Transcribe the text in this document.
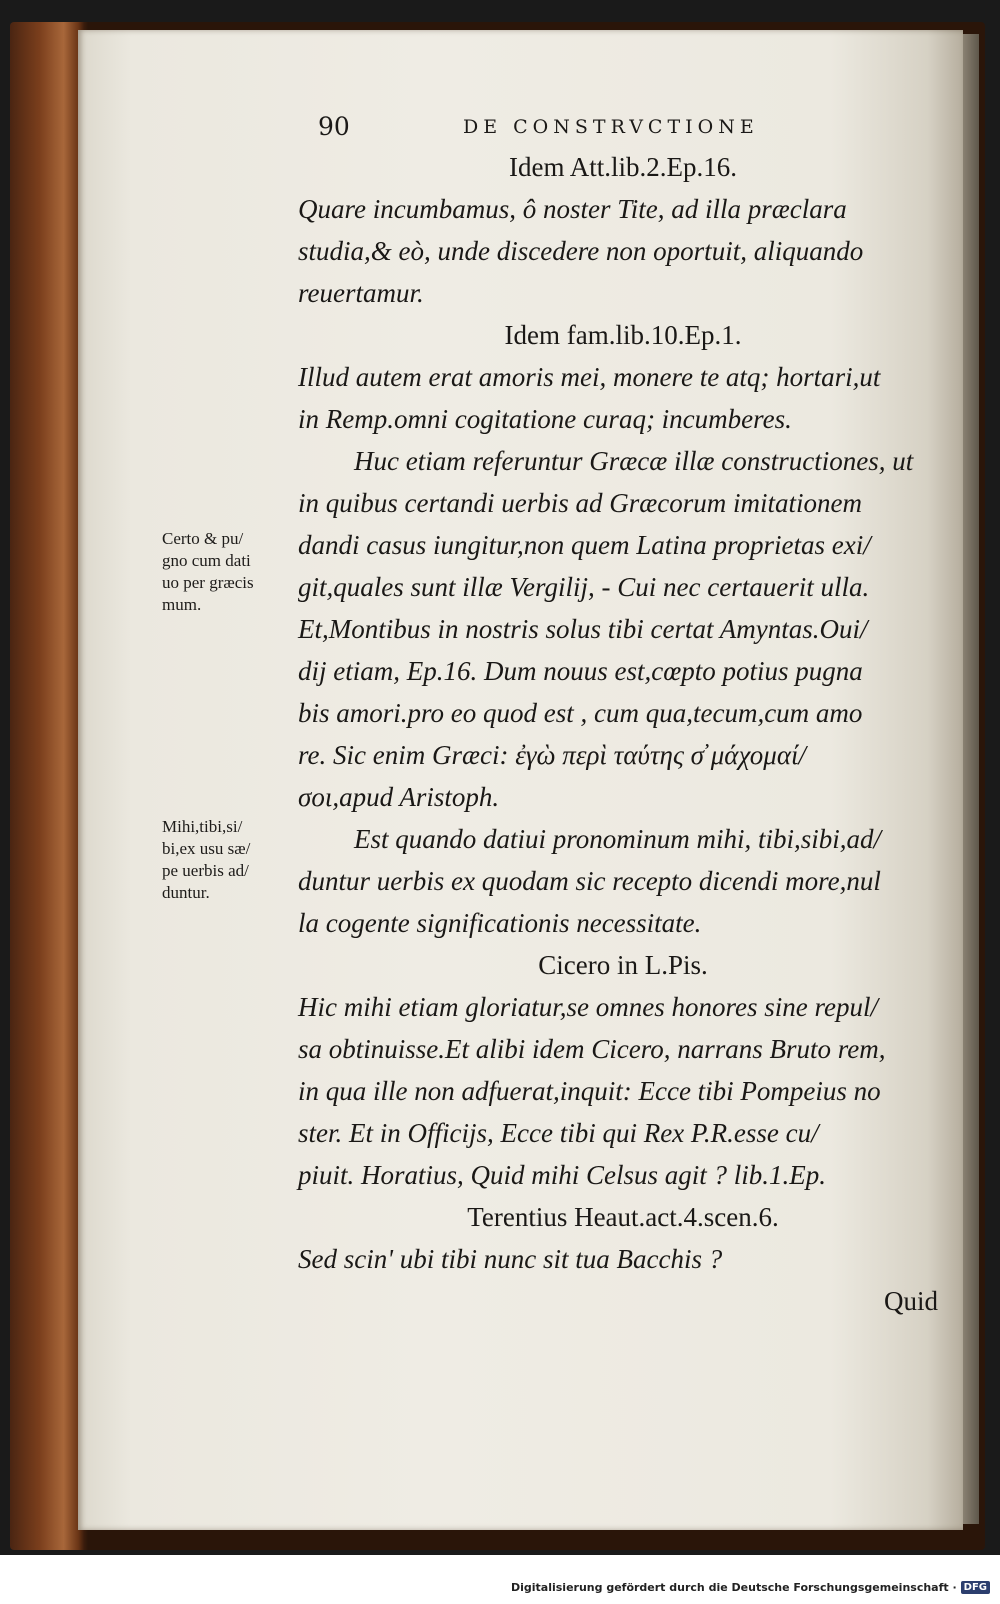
90	DE CONSTRVCTIONE
Idem Att.lib.2.Ep.16.
Quare incumbamus, ô noster Tite, ad illa præclara
studia,& eò, unde discedere non oportuit, aliquando
reuertamur.
Idem fam.lib.10.Ep.1.
Illud autem erat amoris mei, monere te atq; hortari,ut
in Remp.omni cogitatione curaq; incumberes.
Huc etiam referuntur Græcæ illæ constructiones, ut
in quibus certandi uerbis ad Græcorum imitationem
dandi casus iungitur,non quem Latina proprietas exi/
git,quales sunt illæ Vergilij, - Cui nec certauerit ulla.
Et,Montibus in nostris solus tibi certat Amyntas.Oui/
dij etiam, Ep.16. Dum nouus est,cœpto potius pugna
bis amori.pro eo quod est , cum qua,tecum,cum amo
re. Sic enim Græci: ἐγὼ περὶ ταύτης σ̓ μάχομαί/
σοι,apud Aristoph.
Est quando datiui pronominum mihi, tibi,sibi,ad/
duntur uerbis ex quodam sic recepto dicendi more,nul
la cogente significationis necessitate.
Cicero in L.Pis.
Hic mihi etiam gloriatur,se omnes honores sine repul/
sa obtinuisse.Et alibi idem Cicero, narrans Bruto rem,
in qua ille non adfuerat,inquit: Ecce tibi Pompeius no
ster. Et in Officijs, Ecce tibi qui Rex P.R.esse cu/
piuit. Horatius, Quid mihi Celsus agit ? lib.1.Ep.
Terentius Heaut.act.4.scen.6.
Sed scin' ubi tibi nunc sit tua Bacchis ?
Quid
Certo & pu/
gno cum dati
uo per græcis
mum.
Mihi,tibi,si/
bi,ex usu sæ/
pe uerbis ad/
duntur.
Digitalisierung gefördert durch die Deutsche Forschungsgemeinschaft · DFG
